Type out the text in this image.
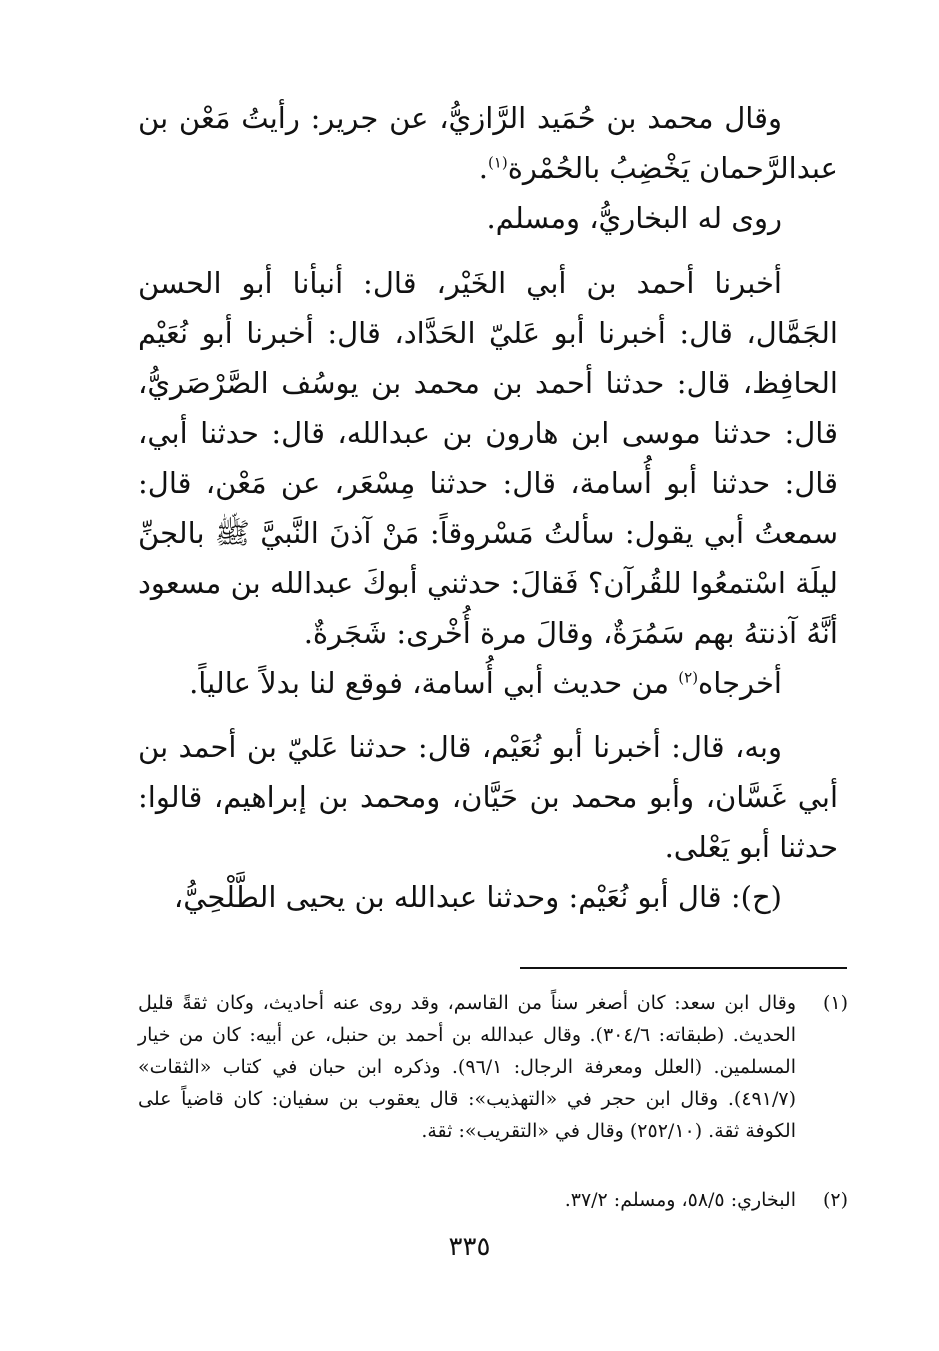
وقال محمد بن حُمَيد الرَّازيُّ، عن جرير: رأيتُ مَعْن بن عبدالرَّحمان يَخْضِبُ بالحُمْرة$^{(١)}$.

روى له البخاريُّ، ومسلم.

أخبرنا أحمد بن أبي الخَيْر، قال: أنبأنا أبو الحسن الجَمَّال، قال: أخبرنا أبو عَليّ الحَدَّاد، قال: أخبرنا أبو نُعَيْم الحافِظ، قال: حدثنا أحمد بن محمد بن يوسُف الصَّرْصَريُّ، قال: حدثنا موسى ابن هارون بن عبدالله، قال: حدثنا أبي، قال: حدثنا أبو أُسامة، قال: حدثنا مِسْعَر، عن مَعْن، قال: سمعتُ أبي يقول: سألتُ مَسْروقاً: مَنْ آذنَ النَّبيَّ ﷺ بالجنِّ ليلَة اسْتمعُوا للقُرآن؟ فَقالَ: حدثني أبوكَ عبدالله بن مسعود أنَّهُ آذنتهُ بهم سَمُرَةٌ، وقالَ مرة أُخْرى: شَجَرةٌ.

أخرجاه$^{(٢)}$ من حديث أبي أُسامة، فوقع لنا بدلاً عالياً.

وبه، قال: أخبرنا أبو نُعَيْم، قال: حدثنا عَليّ بن أحمد بن أبي غَسَّان، وأبو محمد بن حَيَّان، ومحمد بن إبراهيم، قالوا: حدثنا أبو يَعْلى.

(ح): قال أبو نُعَيْم: وحدثنا عبدالله بن يحيى الطَّلْحِيُّ،

(١)
وقال ابن سعد: كان أصغر سناً من القاسم، وقد روى عنه أحاديث، وكان ثقةً قليل الحديث. (طبقاته: ٣٠٤/٦). وقال عبدالله بن أحمد بن حنبل، عن أبيه: كان من خيار المسلمين. (العلل ومعرفة الرجال: ٩٦/١). وذكره ابن حبان في كتاب «الثقات» (٤٩١/٧). وقال ابن حجر في «التهذيب»: قال يعقوب بن سفيان: كان قاضياً على الكوفة ثقة. (٢٥٢/١٠) وقال في «التقريب»: ثقة.
(٢)
البخاري: ٥٨/٥، ومسلم: ٣٧/٢.
٣٣٥
